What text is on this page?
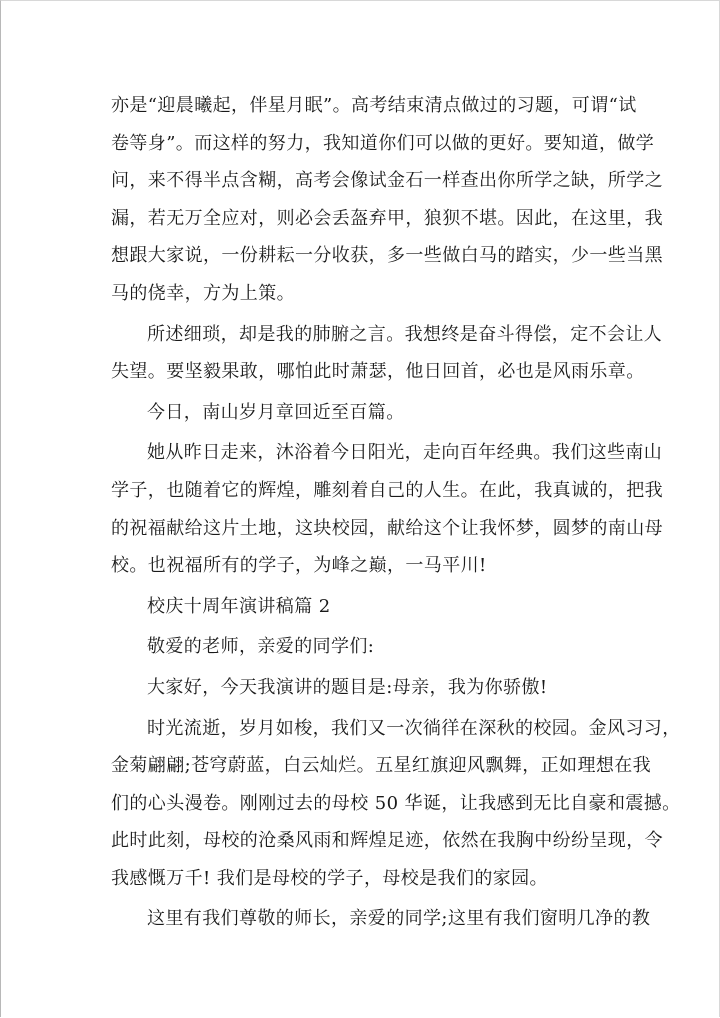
亦是“迎晨曦起，伴星月眠”。高考结束清点做过的习题，可谓“试
卷等身”。而这样的努力，我知道你们可以做的更好。要知道，做学
问，来不得半点含糊，高考会像试金石一样查出你所学之缺，所学之
漏，若无万全应对，则必会丢盔弃甲，狼狈不堪。因此，在这里，我
想跟大家说，一份耕耘一分收获，多一些做白马的踏实，少一些当黑
马的侥幸，方为上策。

所述细琐，却是我的肺腑之言。我想终是奋斗得偿，定不会让人
失望。要坚毅果敢，哪怕此时萧瑟，他日回首，必也是风雨乐章。

今日，南山岁月章回近至百篇。

她从昨日走来，沐浴着今日阳光，走向百年经典。我们这些南山
学子，也随着它的辉煌，雕刻着自己的人生。在此，我真诚的，把我
的祝福献给这片土地，这块校园，献给这个让我怀梦，圆梦的南山母
校。也祝福所有的学子，为峰之巅，一马平川!

校庆十周年演讲稿篇 2

敬爱的老师，亲爱的同学们:

大家好，今天我演讲的题目是:母亲，我为你骄傲!

时光流逝，岁月如梭，我们又一次徜徉在深秋的校园。金风习习，
金菊翩翩;苍穹蔚蓝，白云灿烂。五星红旗迎风飘舞，正如理想在我
们的心头漫卷。刚刚过去的母校 50 华诞，让我感到无比自豪和震撼。
此时此刻，母校的沧桑风雨和辉煌足迹，依然在我胸中纷纷呈现，令
我感慨万千! 我们是母校的学子，母校是我们的家园。

这里有我们尊敬的师长，亲爱的同学;这里有我们窗明几净的教
